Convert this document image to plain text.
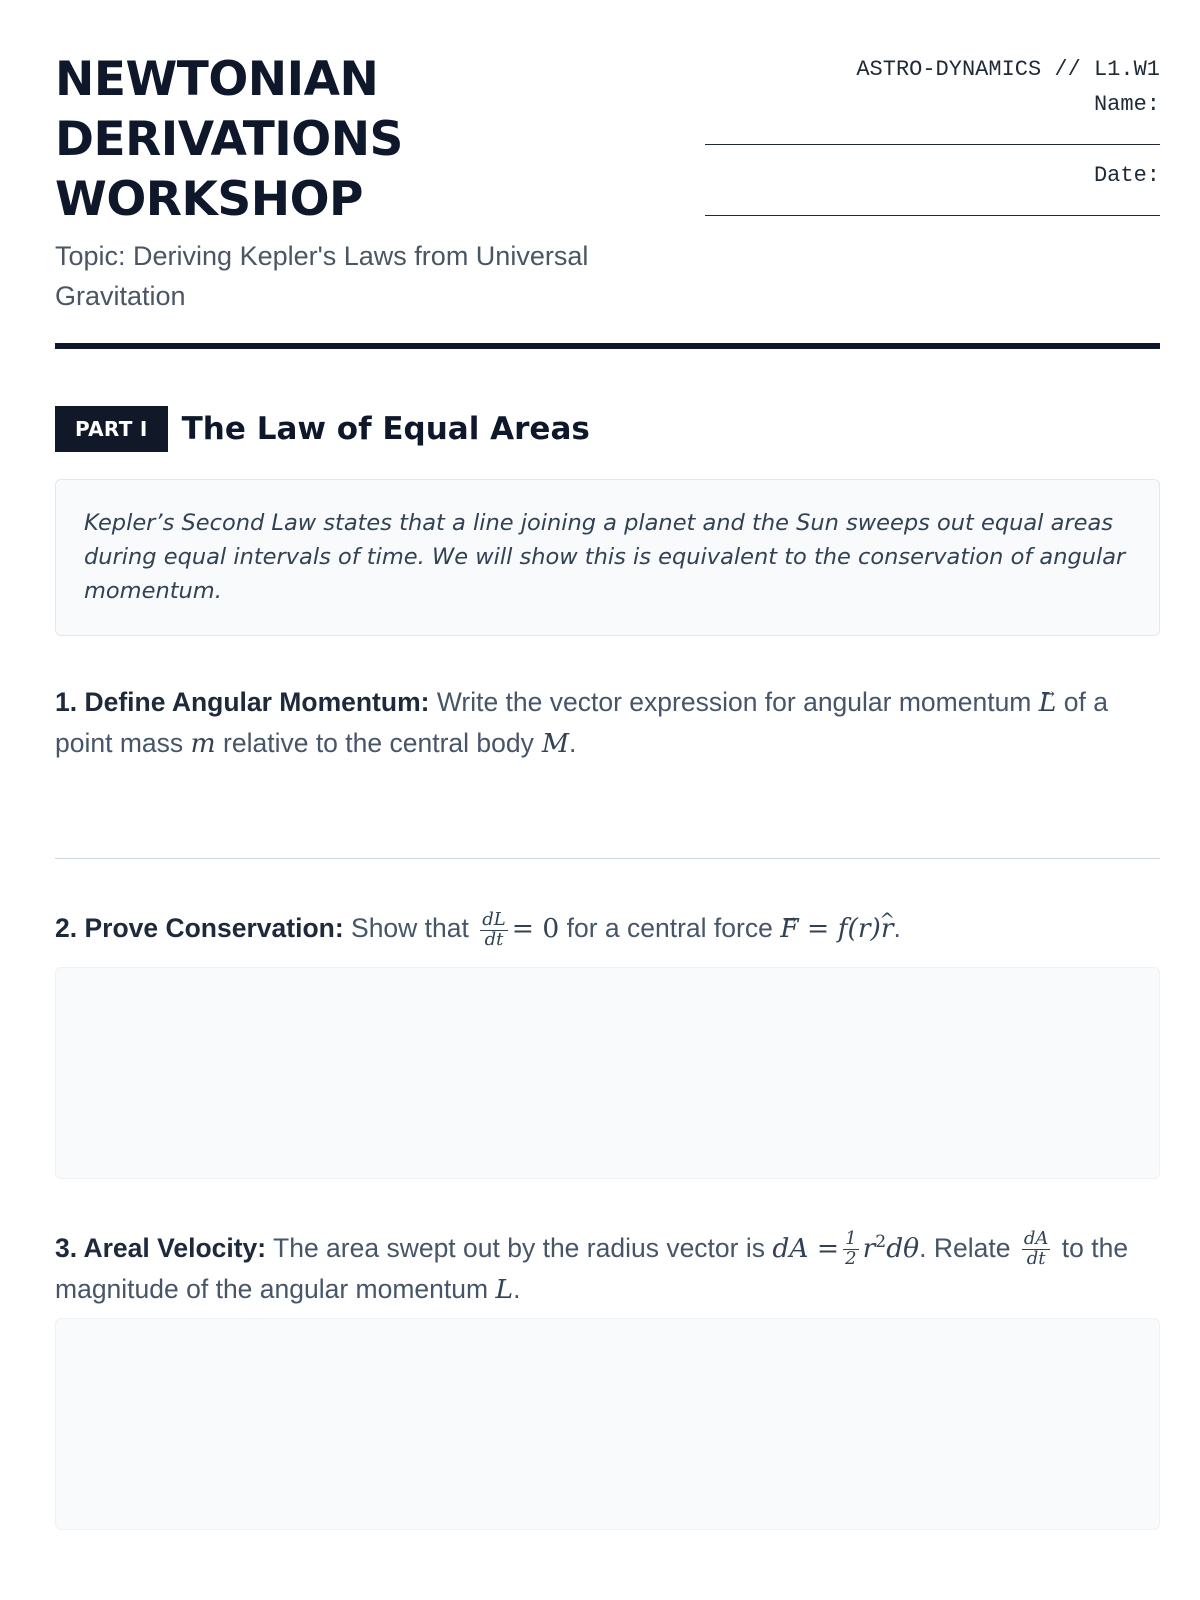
NEWTONIAN
DERIVATIONS
WORKSHOP
Topic: Deriving Kepler's Laws from Universal Gravitation
ASTRO-DYNAMICS // L1.W1
Name:
Date:
PART I	The Law of Equal Areas
Kepler’s Second Law states that a line joining a planet and the Sun sweeps out equal areas during equal intervals of time. We will show this is equivalent to the conservation of angular momentum.
1. Define Angular Momentum: Write the vector expression for angular momentum → L of a point mass m relative to the central body M.
2. Prove Conservation: Show that $\frac{dL}{dt} = 0$ for a central force → F = f(r)^ r.
3. Areal Velocity: The area swept out by the radius vector is dA = $\frac{1}{2} r^2d\theta$. Relate $\frac{dA}{dt}$ to the magnitude of the angular momentum L.
